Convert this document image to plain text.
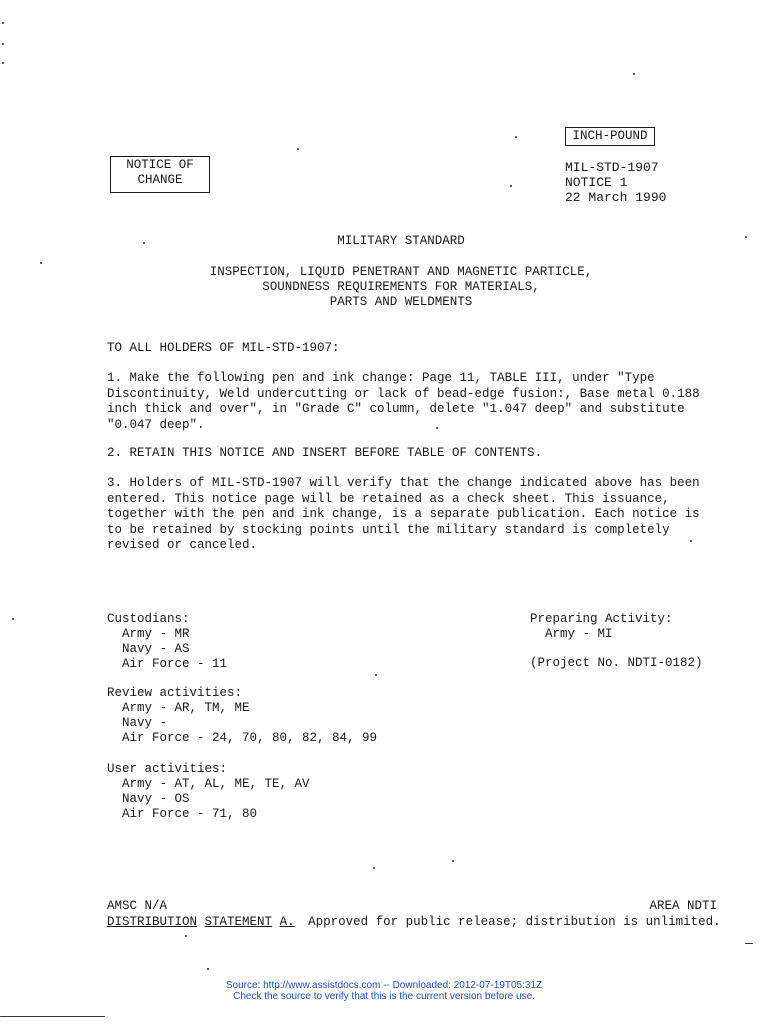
INCH-POUND
NOTICE OF
CHANGE
MIL-STD-1907
NOTICE 1
22 March 1990
MILITARY STANDARD
INSPECTION, LIQUID PENETRANT AND MAGNETIC PARTICLE,
SOUNDNESS REQUIREMENTS FOR MATERIALS,
PARTS AND WELDMENTS
TO ALL HOLDERS OF MIL-STD-1907:
1. Make the following pen and ink change: Page 11, TABLE III, under "Type
Discontinuity, Weld undercutting or lack of bead-edge fusion:, Base metal 0.188
inch thick and over", in "Grade C" column, delete "1.047 deep" and substitute
"0.047 deep".
2. RETAIN THIS NOTICE AND INSERT BEFORE TABLE OF CONTENTS.
3. Holders of MIL-STD-1907 will verify that the change indicated above has been
entered. This notice page will be retained as a check sheet. This issuance,
together with the pen and ink change, is a separate publication. Each notice is
to be retained by stocking points until the military standard is completely
revised or canceled.
Custodians:
Army - MR
Navy - AS
Air Force - 11
Preparing Activity:
Army - MI
(Project No. NDTI-0182)
Review activities:
Army - AR, TM, ME
Navy -
Air Force - 24, 70, 80, 82, 84, 99
User activities:
Army - AT, AL, ME, TE, AV
Navy - OS
Air Force - 71, 80
AMSC N/A	AREA NDTI
DISTRIBUTION STATEMENT A. Approved for public release; distribution is unlimited.
Source: http://www.assistdocs.com -- Downloaded: 2012-07-19T05:31Z
Check the source to verify that this is the current version before use.
